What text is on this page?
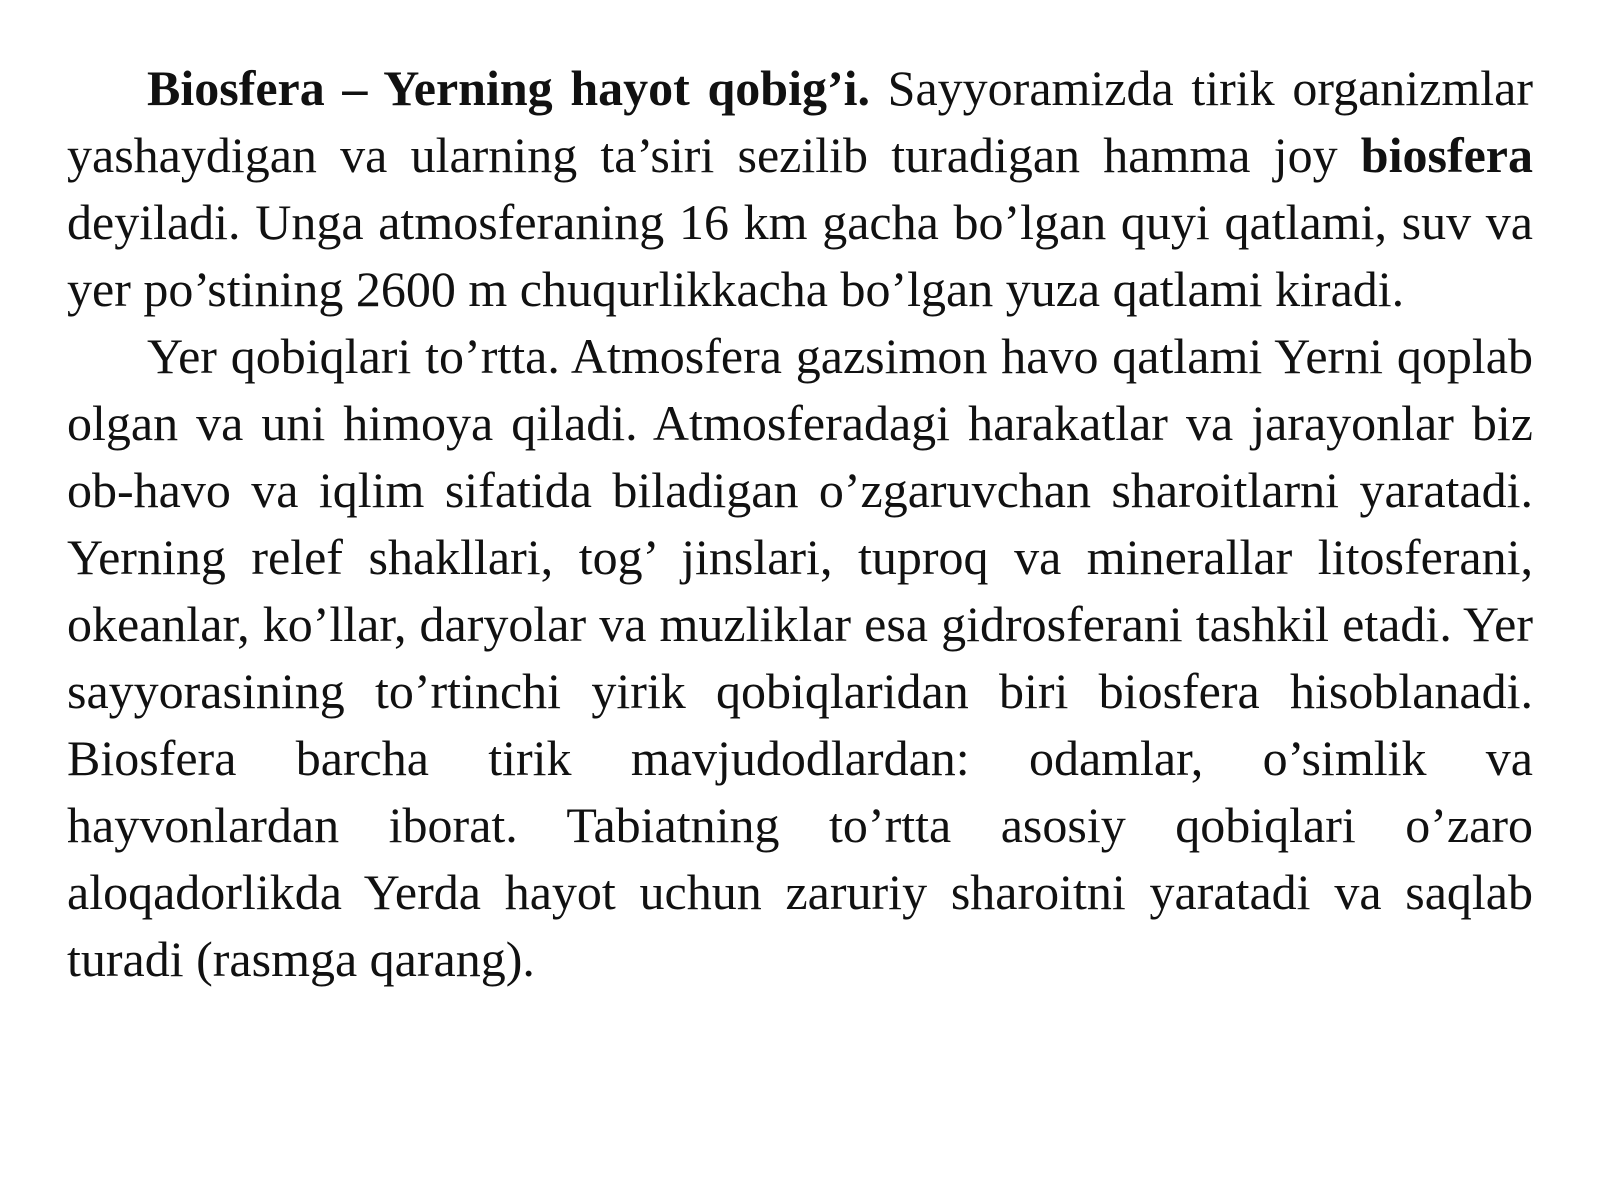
Biosfera – Yerning hayot qobig’i. Sayyoramizda tirik organizmlar yashaydigan va ularning ta’siri sezilib turadigan hamma joy biosfera deyiladi. Unga atmosferaning 16 km gacha bo’lgan quyi qatlami, suv va yer po’stining 2600 m chuqurlikkacha bo’lgan yuza qatlami kiradi.

Yer qobiqlari to’rtta. Atmosfera gazsimon havo qatlami Yerni qoplab olgan va uni himoya qiladi. Atmosferadagi harakatlar va jarayonlar biz ob-havo va iqlim sifatida biladigan o’zgaruvchan sharoitlarni yaratadi. Yerning relef shakllari, tog’ jinslari, tuproq va minerallar litosferani, okeanlar, ko’llar, daryolar va muzliklar esa gidrosferani tashkil etadi. Yer sayyorasining to’rtinchi yirik qobiqlaridan biri biosfera hisoblanadi. Biosfera barcha tirik mavjudodlardan: odamlar, o’simlik va hayvonlardan iborat. Tabiatning to’rtta asosiy qobiqlari o’zaro aloqadorlikda Yerda hayot uchun zaruriy sharoitni yaratadi va saqlab turadi (rasmga qarang).
